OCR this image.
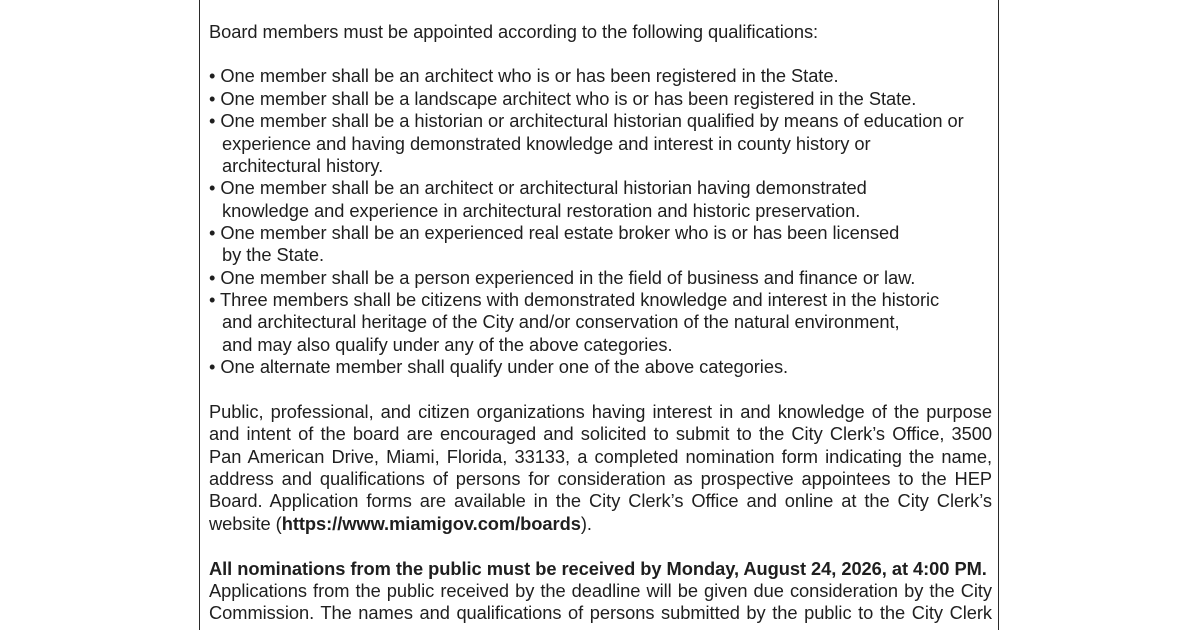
Board members must be appointed according to the following qualifications:

• One member shall be an architect who is or has been registered in the State.

• One member shall be a landscape architect who is or has been registered in the State.

• One member shall be a historian or architectural historian qualified by means of education or

experience and having demonstrated knowledge and interest in county history or

architectural history.

• One member shall be an architect or architectural historian having demonstrated

knowledge and experience in architectural restoration and historic preservation.

• One member shall be an experienced real estate broker who is or has been licensed

by the State.

• One member shall be a person experienced in the field of business and finance or law.

• Three members shall be citizens with demonstrated knowledge and interest in the historic

and architectural heritage of the City and/or conservation of the natural environment,

and may also qualify under any of the above categories.

• One alternate member shall qualify under one of the above categories.

Public, professional, and citizen organizations having interest in and knowledge of the purpose

and intent of the board are encouraged and solicited to submit to the City Clerk’s Office, 3500

Pan American Drive, Miami, Florida, 33133, a completed nomination form indicating the name,

address and qualifications of persons for consideration as prospective appointees to the HEP

Board. Application forms are available in the City Clerk’s Office and online at the City Clerk’s

website (https://www.miamigov.com/boards).

All nominations from the public must be received by Monday, August 24, 2026, at 4:00 PM.

Applications from the public received by the deadline will be given due consideration by the City

Commission. The names and qualifications of persons submitted by the public to the City Clerk
